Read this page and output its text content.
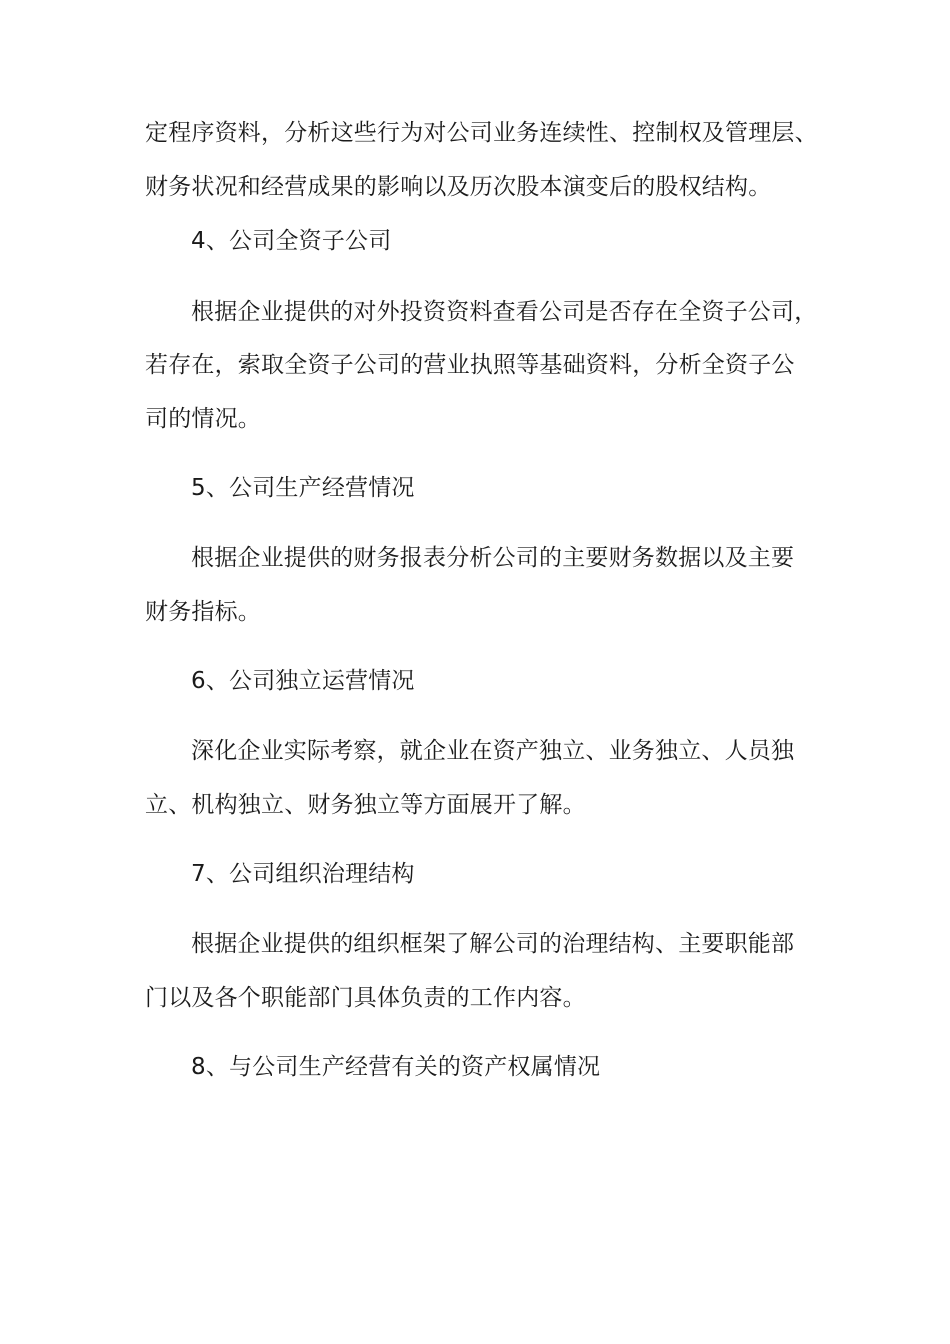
定程序资料，分析这些行为对公司业务连续性、控制权及管理层、
财务状况和经营成果的影响以及历次股本演变后的股权结构。
4、公司全资子公司
根据企业提供的对外投资资料查看公司是否存在全资子公司，
若存在，索取全资子公司的营业执照等基础资料，分析全资子公
司的情况。
5、公司生产经营情况
根据企业提供的财务报表分析公司的主要财务数据以及主要
财务指标。
6、公司独立运营情况
深化企业实际考察，就企业在资产独立、业务独立、人员独
立、机构独立、财务独立等方面展开了解。
7、公司组织治理结构
根据企业提供的组织框架了解公司的治理结构、主要职能部
门以及各个职能部门具体负责的工作内容。
8、与公司生产经营有关的资产权属情况
